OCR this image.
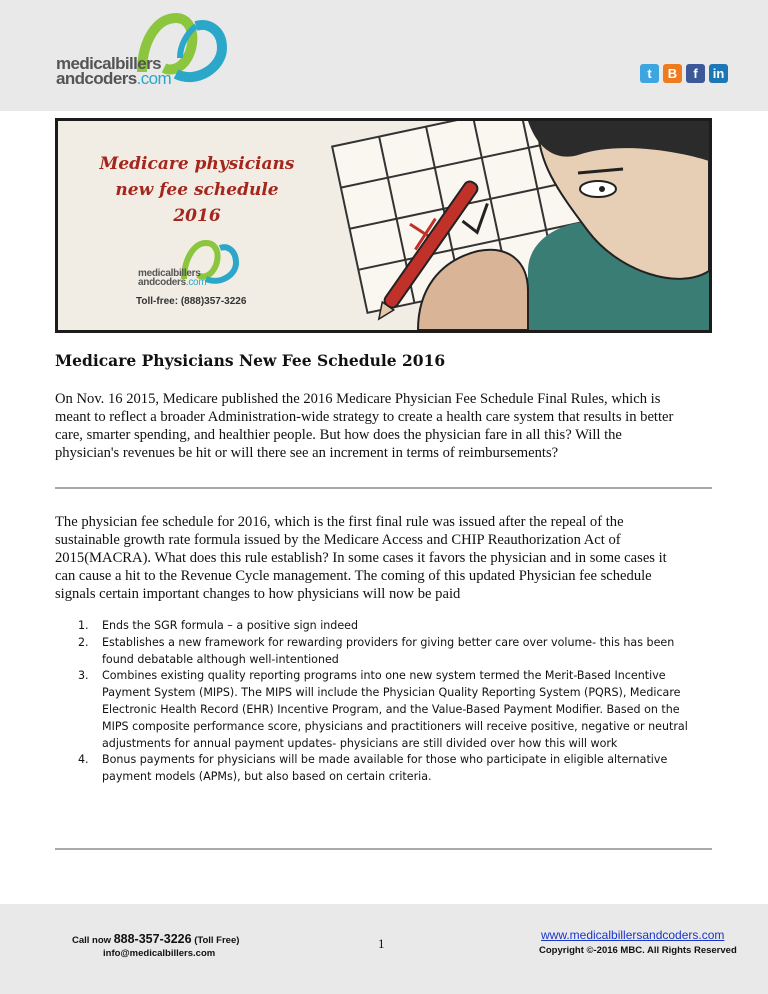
medicalbillers
andcoders.com	t	B	f	in
Medicare physicians
new fee schedule
2016
medicalbillers
andcoders.com
Toll-free: (888)357-3226
Medicare Physicians New Fee Schedule 2016
On Nov. 16 2015, Medicare published the 2016 Medicare Physician Fee Schedule Final Rules, which is
meant to reflect a broader Administration-wide strategy to create a health care system that results in better
care, smarter spending, and healthier people. But how does the physician fare in all this? Will the
physician's revenues be hit or will there see an increment in terms of reimbursements?
The physician fee schedule for 2016, which is the first final rule was issued after the repeal of the
sustainable growth rate formula issued by the Medicare Access and CHIP Reauthorization Act of
2015(MACRA). What does this rule establish? In some cases it favors the physician and in some cases it
can cause a hit to the Revenue Cycle management. The coming of this updated Physician fee schedule
signals certain important changes to how physicians will now be paid
1. Ends the SGR formula – a positive sign indeed
2. Establishes a new framework for rewarding providers for giving better care over volume- this has been
found debatable although well-intentioned
3. Combines existing quality reporting programs into one new system termed the Merit-Based Incentive
Payment System (MIPS). The MIPS will include the Physician Quality Reporting System (PQRS), Medicare
Electronic Health Record (EHR) Incentive Program, and the Value-Based Payment Modifier. Based on the
MIPS composite performance score, physicians and practitioners will receive positive, negative or neutral
adjustments for annual payment updates- physicians are still divided over how this will work
4. Bonus payments for physicians will be made available for those who participate in eligible alternative
payment models (APMs), but also based on certain criteria.
Call now 888-357-3226 (Toll Free)
info@medicalbillers.com
1
www.medicalbillersandcoders.com
Copyright ©-2016 MBC. All Rights Reserved
